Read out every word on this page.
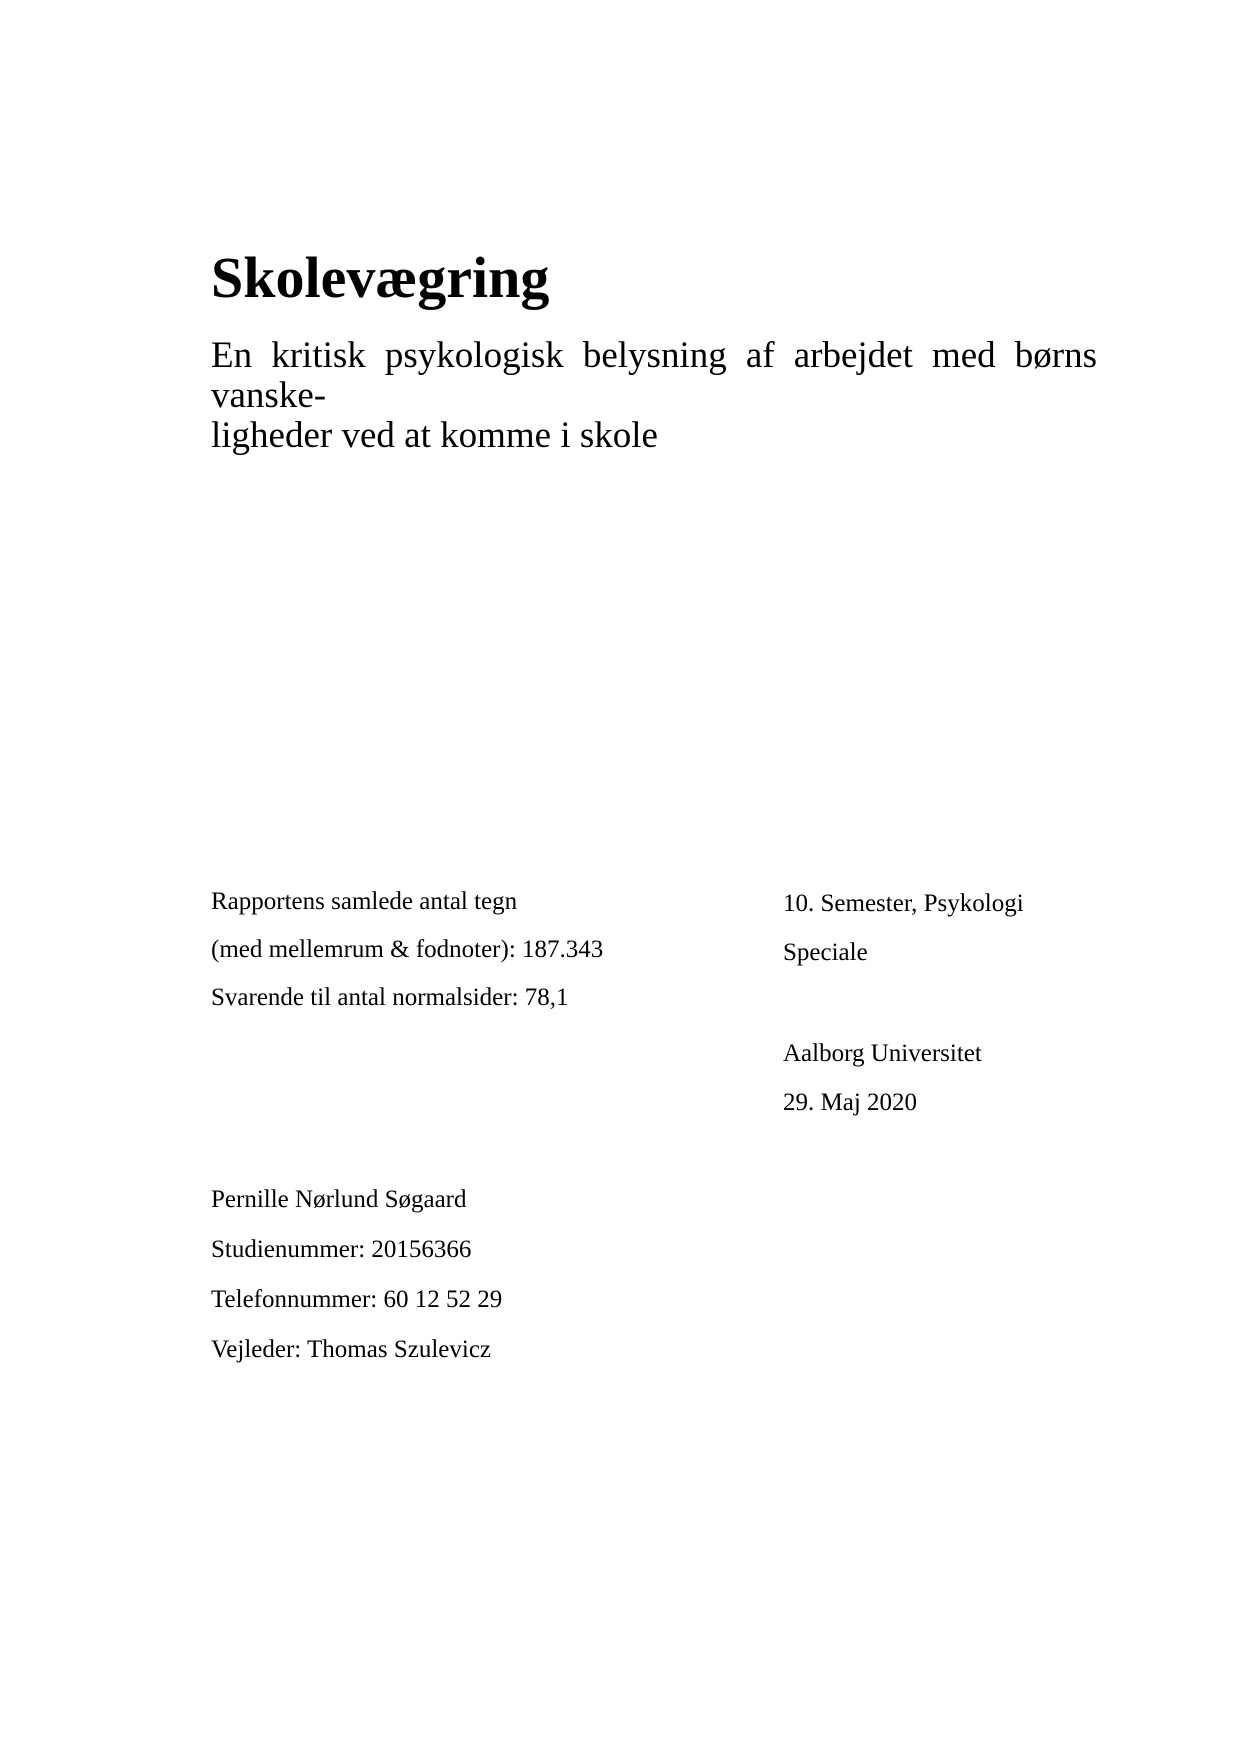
Skolevægring
En kritisk psykologisk belysning af arbejdet med børns vanske-
ligheder ved at komme i skole
Rapportens samlede antal tegn
(med mellemrum & fodnoter): 187.343
Svarende til antal normalsider: 78,1
10. Semester, Psykologi
Speciale
Aalborg Universitet
29. Maj 2020
Pernille Nørlund Søgaard
Studienummer: 20156366
Telefonnummer: 60 12 52 29
Vejleder: Thomas Szulevicz
